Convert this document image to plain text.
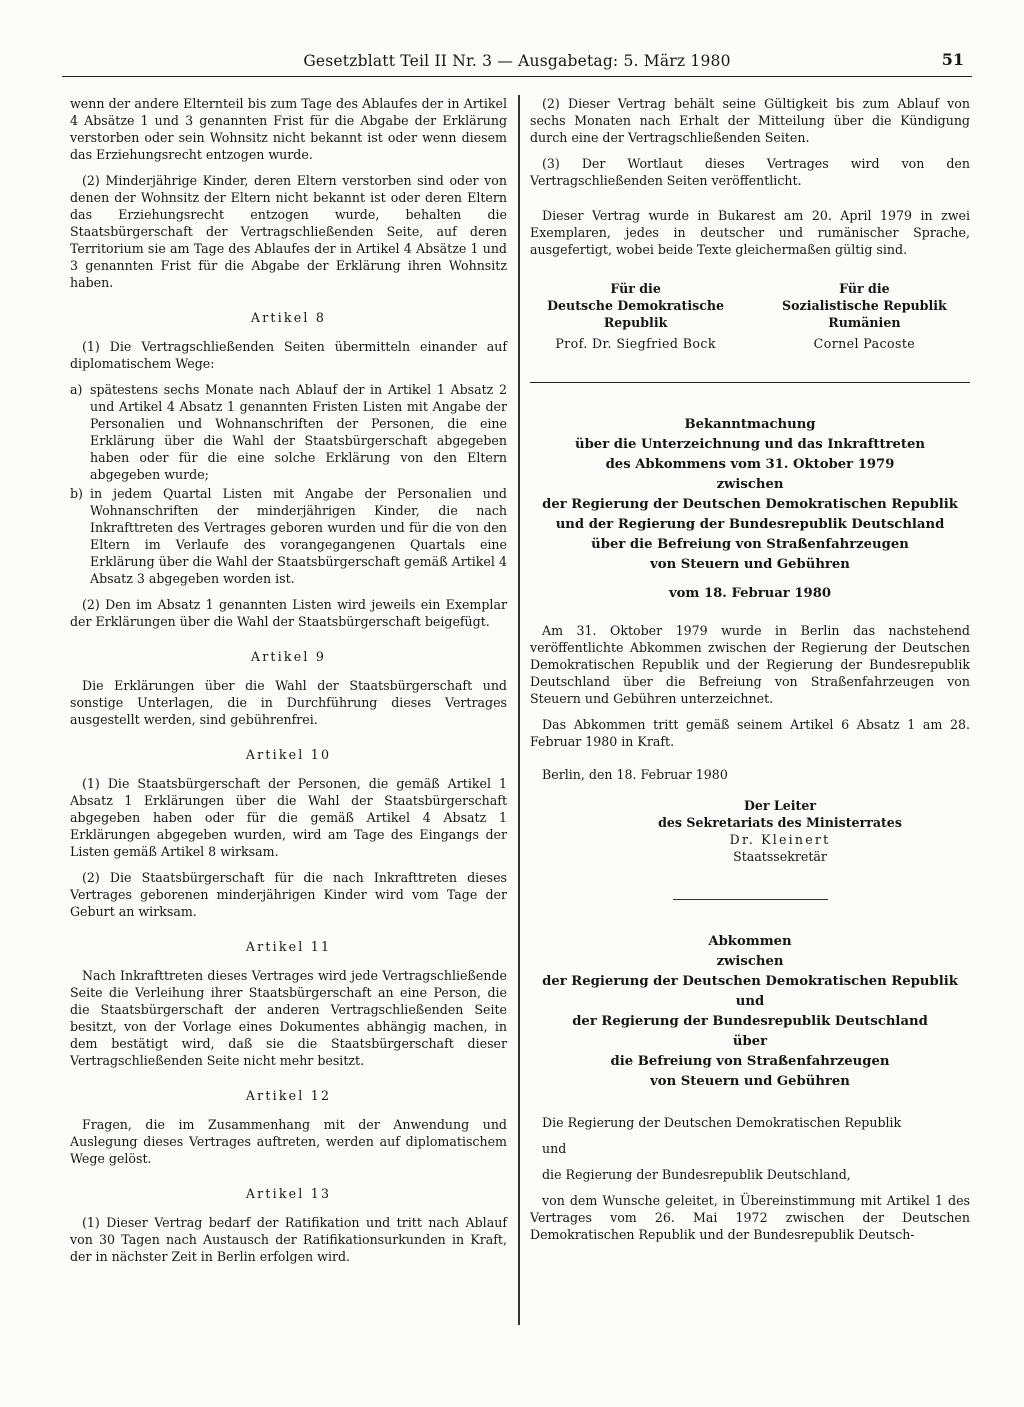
Gesetzblatt Teil II Nr. 3 — Ausgabetag: 5. März 1980	51

wenn der andere Elternteil bis zum Tage des Ablaufes der in Artikel 4 Absätze 1 und 3 genannten Frist für die Abgabe der Erklärung verstorben oder sein Wohnsitz nicht bekannt ist oder wenn diesem das Erziehungsrecht entzogen wurde.

(2) Minderjährige Kinder, deren Eltern verstorben sind oder von denen der Wohnsitz der Eltern nicht bekannt ist oder deren Eltern das Erziehungsrecht entzogen wurde, behalten die Staatsbürgerschaft der Vertragschließenden Seite, auf deren Territorium sie am Tage des Ablaufes der in Artikel 4 Absätze 1 und 3 genannten Frist für die Abgabe der Erklärung ihren Wohnsitz haben.

Artikel 8

(1) Die Vertragschließenden Seiten übermitteln einander auf diplomatischem Wege:

a) spätestens sechs Monate nach Ablauf der in Artikel 1 Absatz 2 und Artikel 4 Absatz 1 genannten Fristen Listen mit Angabe der Personalien und Wohnanschriften der Personen, die eine Erklärung über die Wahl der Staatsbürgerschaft abgegeben haben oder für die eine solche Erklärung von den Eltern abgegeben wurde;
b) in jedem Quartal Listen mit Angabe der Personalien und Wohnanschriften der minderjährigen Kinder, die nach Inkrafttreten des Vertrages geboren wurden und für die von den Eltern im Verlaufe des vorangegangenen Quartals eine Erklärung über die Wahl der Staatsbürgerschaft gemäß Artikel 4 Absatz 3 abgegeben worden ist.

(2) Den im Absatz 1 genannten Listen wird jeweils ein Exemplar der Erklärungen über die Wahl der Staatsbürgerschaft beigefügt.

Artikel 9

Die Erklärungen über die Wahl der Staatsbürgerschaft und sonstige Unterlagen, die in Durchführung dieses Vertrages ausgestellt werden, sind gebührenfrei.

Artikel 10

(1) Die Staatsbürgerschaft der Personen, die gemäß Artikel 1 Absatz 1 Erklärungen über die Wahl der Staatsbürgerschaft abgegeben haben oder für die gemäß Artikel 4 Absatz 1 Erklärungen abgegeben wurden, wird am Tage des Eingangs der Listen gemäß Artikel 8 wirksam.

(2) Die Staatsbürgerschaft für die nach Inkrafttreten dieses Vertrages geborenen minderjährigen Kinder wird vom Tage der Geburt an wirksam.

Artikel 11

Nach Inkrafttreten dieses Vertrages wird jede Vertragschließende Seite die Verleihung ihrer Staatsbürgerschaft an eine Person, die die Staatsbürgerschaft der anderen Vertragschließenden Seite besitzt, von der Vorlage eines Dokumentes abhängig machen, in dem bestätigt wird, daß sie die Staatsbürgerschaft dieser Vertragschließenden Seite nicht mehr besitzt.

Artikel 12

Fragen, die im Zusammenhang mit der Anwendung und Auslegung dieses Vertrages auftreten, werden auf diplomatischem Wege gelöst.

Artikel 13

(1) Dieser Vertrag bedarf der Ratifikation und tritt nach Ablauf von 30 Tagen nach Austausch der Ratifikationsurkunden in Kraft, der in nächster Zeit in Berlin erfolgen wird.

(2) Dieser Vertrag behält seine Gültigkeit bis zum Ablauf von sechs Monaten nach Erhalt der Mitteilung über die Kündigung durch eine der Vertragschließenden Seiten.

(3) Der Wortlaut dieses Vertrages wird von den Vertragschließenden Seiten veröffentlicht.

Dieser Vertrag wurde in Bukarest am 20. April 1979 in zwei Exemplaren, jedes in deutscher und rumänischer Sprache, ausgefertigt, wobei beide Texte gleichermaßen gültig sind.

Für die
Deutsche Demokratische
Republik
Prof. Dr. Siegfried Bock
Für die
Sozialistische Republik
Rumänien
Cornel Pacoste
Bekanntmachung
über die Unterzeichnung und das Inkrafttreten
des Abkommens vom 31. Oktober 1979
zwischen
der Regierung der Deutschen Demokratischen Republik
und der Regierung der Bundesrepublik Deutschland
über die Befreiung von Straßenfahrzeugen
von Steuern und Gebühren
vom 18. Februar 1980

Am 31. Oktober 1979 wurde in Berlin das nachstehend veröffentlichte Abkommen zwischen der Regierung der Deutschen Demokratischen Republik und der Regierung der Bundesrepublik Deutschland über die Befreiung von Straßenfahrzeugen von Steuern und Gebühren unterzeichnet.

Das Abkommen tritt gemäß seinem Artikel 6 Absatz 1 am 28. Februar 1980 in Kraft.

Berlin, den 18. Februar 1980

Der Leiter
des Sekretariats des Ministerrates
Dr. Kleinert
Staatssekretär
Abkommen
zwischen
der Regierung der Deutschen Demokratischen Republik
und
der Regierung der Bundesrepublik Deutschland
über
die Befreiung von Straßenfahrzeugen
von Steuern und Gebühren

Die Regierung der Deutschen Demokratischen Republik

und

die Regierung der Bundesrepublik Deutschland,

von dem Wunsche geleitet, in Übereinstimmung mit Artikel 1 des Vertrages vom 26. Mai 1972 zwischen der Deutschen Demokratischen Republik und der Bundesrepublik Deutsch-
